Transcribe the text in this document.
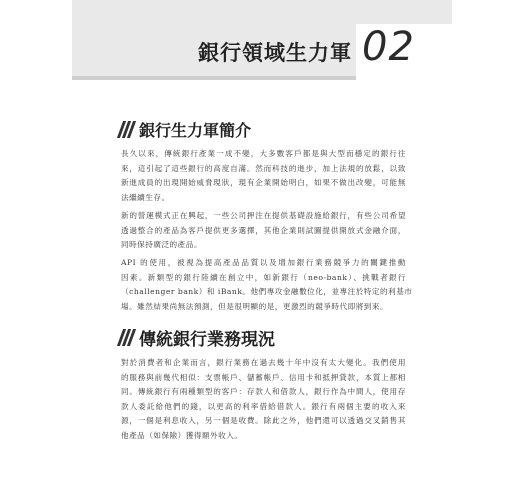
銀行領域生力軍 02
銀行生力軍簡介

長久以來，傳統銀行產業一成不變，大多數客戶都是與大型而穩定的銀行往
來，這引起了這些銀行的高度自滿。然而科技的進步，加上法規的放鬆，以致
新進成員的出現開始威脅現狀，現有企業開始明白，如果不做出改變，可能無
法繼續生存。

新的營運模式正在興起，一些公司押注在提供基礎設施給銀行，有些公司希望
透過整合的產品為客戶提供更多選擇，其他企業則試圖提供開放式金融介面，
同時保持廣泛的產品。

API 的使用，被視為提高產品品質以及增加銀行業務競爭力的關鍵推動
因素。新類型的銀行陸續在創立中，如新銀行（neo-bank）、挑戰者銀行
（challenger bank）和 iBank。他們專攻金融數位化，並專注於特定的利基市
場。雖然結果尚無法預測，但是很明顯的是，更激烈的競爭時代即將到來。

傳統銀行業務現況

對於消費者和企業而言，銀行業務在過去幾十年中沒有太大變化。我們使用
的服務與前幾代相似：支票帳戶、儲蓄帳戶、信用卡和抵押貸款，本質上都相
同。傳統銀行有兩種類型的客戶：存款人和借款人，銀行作為中間人，使用存
款人委託給他們的錢，以更高的利率借給借款人。銀行有兩個主要的收入來
源，一個是利息收入，另一個是收費。除此之外，他們還可以透過交叉銷售其
他產品（如保險）獲得額外收入。
